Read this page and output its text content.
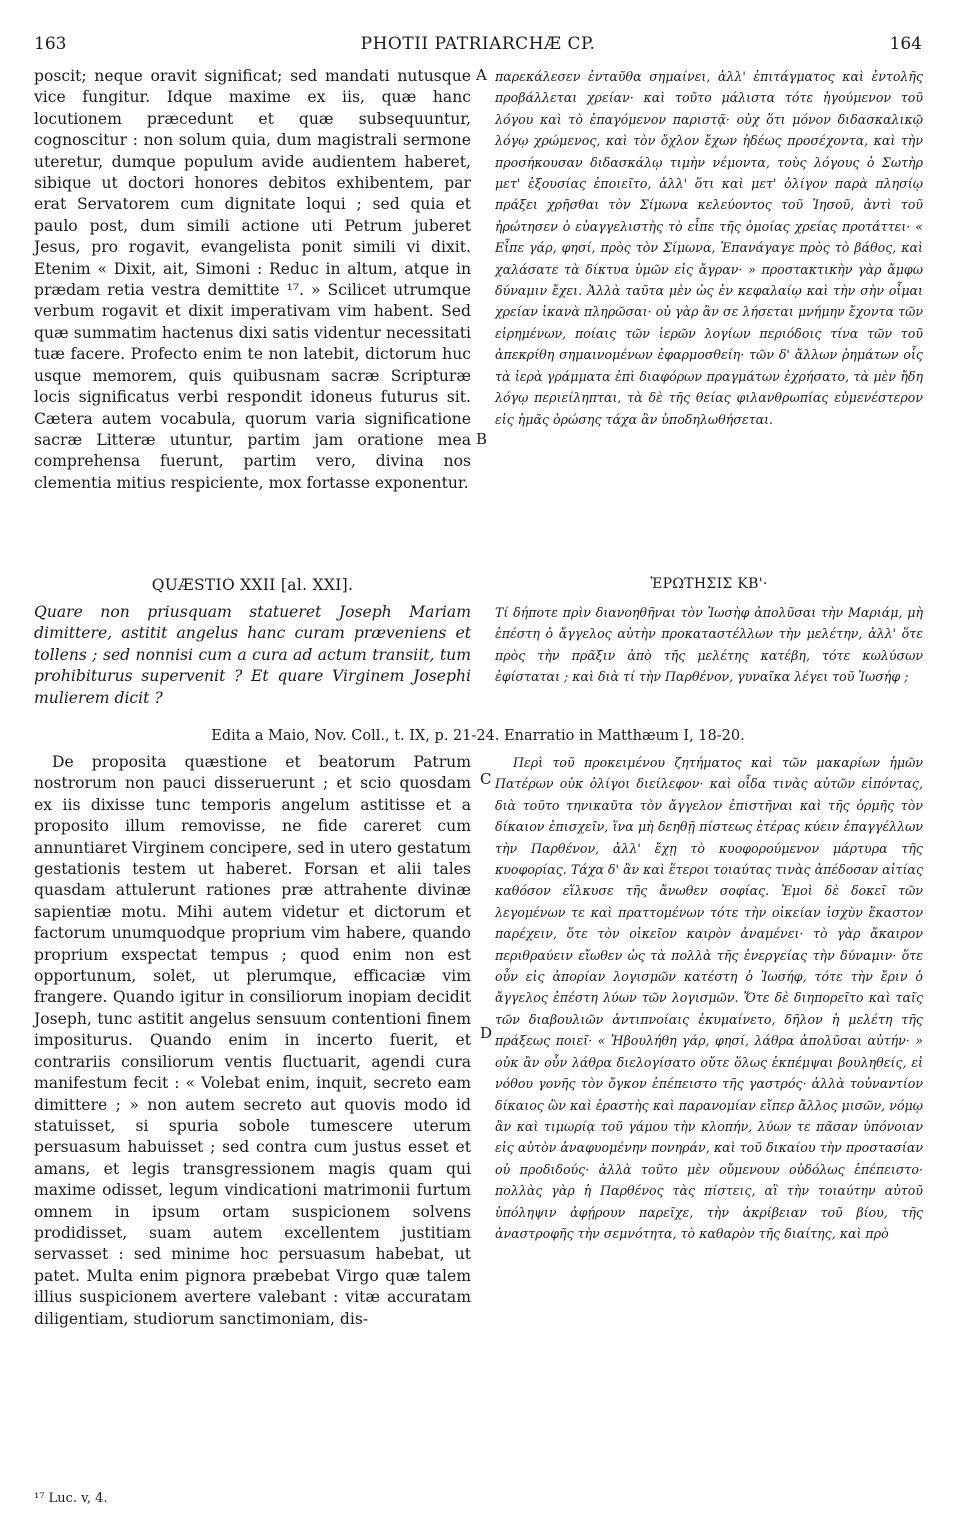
163	PHOTII PATRIARCHÆ CP.	164
A
B
C
D

poscit; neque oravit significat; sed mandati nutusque vice fungitur. Idque maxime ex iis, quæ hanc locutionem præcedunt et quæ subsequuntur, cognoscitur : non solum quia, dum magistrali sermone uteretur, dumque populum avide audientem haberet, sibique ut doctori honores debitos exhibentem, par erat Servatorem cum dignitate loqui ; sed quia et paulo post, dum simili actione uti Petrum juberet Jesus, pro rogavit, evangelista ponit simili vi dixit. Etenim « Dixit, ait, Simoni : Reduc in altum, atque in prædam retia vestra demittite ¹⁷. » Scilicet utrumque verbum rogavit et dixit imperativam vim habent. Sed quæ summatim hactenus dixi satis videntur necessitati tuæ facere. Profecto enim te non latebit, dictorum huc usque memorem, quis quibusnam sacræ Scripturæ locis significatus verbi respondit idoneus futurus sit. Cætera autem vocabula, quorum varia significatione sacræ Litteræ utuntur, partim jam oratione mea comprehensa fuerunt, partim vero, divina nos clementia mitius respiciente, mox fortasse exponentur.

παρεκάλεσεν ἐνταῦθα σημαίνει, ἀλλ' ἐπιτάγματος καὶ ἐντολῆς προβάλλεται χρείαν· καὶ τοῦτο μάλιστα τότε ἡγούμενον τοῦ λόγου καὶ τὸ ἐπαγόμενον παριστᾷ· οὐχ ὅτι μόνον διδασκαλικῷ λόγῳ χρώμενος, καὶ τὸν ὄχλον ἔχων ἡδέως προσέχοντα, καὶ τὴν προσήκουσαν διδασκάλῳ τιμὴν νέμοντα, τοὺς λόγους ὁ Σωτὴρ μετ' ἐξουσίας ἐποιεῖτο, ἀλλ' ὅτι καὶ μετ' ὀλίγον παρὰ πλησίῳ πράξει χρῆσθαι τὸν Σίμωνα κελεύοντος τοῦ Ἰησοῦ, ἀντὶ τοῦ ἠρώτησεν ὁ εὐαγγελιστὴς τὸ εἶπε τῆς ὁμοίας χρείας προτάττει· « Εἶπε γάρ, φησί, πρὸς τὸν Σίμωνα, Ἐπανάγαγε πρὸς τὸ βάθος, καὶ χαλάσατε τὰ δίκτυα ὑμῶν εἰς ἄγραν· » προστακτικὴν γὰρ ἄμφω δύναμιν ἔχει. Ἀλλὰ ταῦτα μὲν ὡς ἐν κεφαλαίῳ καὶ τὴν σὴν οἶμαι χρείαν ἱκανὰ πληρῶσαι· οὐ γὰρ ἂν σε λήσεται μνήμην ἔχοντα τῶν εἰρημένων, ποίαις τῶν ἱερῶν λογίων περιόδοις τίνα τῶν τοῦ ἀπεκρίθη σημαινομένων ἐφαρμοσθείη· τῶν δ' ἄλλων ῥημάτων οἷς τὰ ἱερὰ γράμματα ἐπὶ διαφόρων πραγμάτων ἐχρήσατο, τὰ μὲν ἤδη λόγῳ περιείληπται, τὰ δὲ τῆς θείας φιλανθρωπίας εὐμενέστερον εἰς ἡμᾶς ὁρώσης τάχα ἂν ὑποδηλωθήσεται.

QUÆSTIO XXII [al. XXI].	ἘΡΩΤΗΣΙΣ ΚΒ'·

Quare non priusquam statueret Joseph Mariam dimittere, astitit angelus hanc curam præveniens et tollens ; sed nonnisi cum a cura ad actum transiit, tum prohibiturus supervenit ? Et quare Virginem Josephi mulierem dicit ?

Τί δήποτε πρὶν διανοηθῆναι τὸν Ἰωσὴφ ἀπολῦσαι τὴν Μαριάμ, μὴ ἐπέστη ὁ ἄγγελος αὐτὴν προκαταστέλλων τὴν μελέτην, ἀλλ' ὅτε πρὸς τὴν πρᾶξιν ἀπὸ τῆς μελέτης κατέβη, τότε κωλύσων ἐφίσταται ; καὶ διὰ τί τὴν Παρθένον, γυναῖκα λέγει τοῦ Ἰωσήφ ;

Edita a Maio, Nov. Coll., t. IX, p. 21-24. Enarratio in Matthæum I, 18-20.

De proposita quæstione et beatorum Patrum nostrorum non pauci disseruerunt ; et scio quosdam ex iis dixisse tunc temporis angelum astitisse et a proposito illum removisse, ne fide careret cum annuntiaret Virginem concipere, sed in utero gestatum gestationis testem ut haberet. Forsan et alii tales quasdam attulerunt rationes præ attrahente divinæ sapientiæ motu. Mihi autem videtur et dictorum et factorum unumquodque proprium vim habere, quando proprium exspectat tempus ; quod enim non est opportunum, solet, ut plerumque, efficaciæ vim frangere. Quando igitur in consiliorum inopiam decidit Joseph, tunc astitit angelus sensuum contentioni finem impositurus. Quando enim in incerto fuerit, et contrariis consiliorum ventis fluctuarit, agendi cura manifestum fecit : « Volebat enim, inquit, secreto eam dimittere ; » non autem secreto aut quovis modo id statuisset, si spuria sobole tumescere uterum persuasum habuisset ; sed contra cum justus esset et amans, et legis transgressionem magis quam qui maxime odisset, legum vindicationi matrimonii furtum omnem in ipsum ortam suspicionem solvens prodidisset, suam autem excellentem justitiam servasset : sed minime hoc persuasum habebat, ut patet. Multa enim pignora præbebat Virgo quæ talem illius suspicionem avertere valebant : vitæ accuratam diligentiam, studiorum sanctimoniam, dis-

Περὶ τοῦ προκειμένου ζητήματος καὶ τῶν μακαρίων ἡμῶν Πατέρων οὐκ ὀλίγοι διείλεφον· καὶ οἶδα τινὰς αὐτῶν εἰπόντας, διὰ τοῦτο τηνικαῦτα τὸν ἄγγελον ἐπιστῆναι καὶ τῆς ὁρμῆς τὸν δίκαιον ἐπισχεῖν, ἵνα μὴ δεηθῇ πίστεως ἑτέρας κύειν ἐπαγγέλλων τὴν Παρθένον, ἀλλ' ἔχῃ τὸ κυοφορούμενον μάρτυρα τῆς κυοφορίας. Τάχα δ' ἂν καὶ ἕτεροι τοιαύτας τινὰς ἀπέδοσαν αἰτίας καθόσον εἵλκυσε τῆς ἄνωθεν σοφίας. Ἐμοὶ δὲ δοκεῖ τῶν λεγομένων τε καὶ πραττομένων τότε τὴν οἰκείαν ἰσχὺν ἕκαστον παρέχειν, ὅτε τὸν οἰκεῖον καιρὸν ἀναμένει· τὸ γὰρ ἄκαιρον περιθραύειν εἴωθεν ὡς τὰ πολλὰ τῆς ἐνεργείας τὴν δύναμιν· ὅτε οὖν εἰς ἀπορίαν λογισμῶν κατέστη ὁ Ἰωσήφ, τότε τὴν ἔριν ὁ ἄγγελος ἐπέστη λύων τῶν λογισμῶν. Ὅτε δὲ διηπορεῖτο καὶ ταῖς τῶν διαβουλιῶν ἀντιπνοίαις ἐκυμαίνετο, δῆλον ἡ μελέτη τῆς πράξεως ποιεῖ· « Ἠβουλήθη γάρ, φησί, λάθρα ἀπολῦσαι αὐτήν· » οὐκ ἂν οὖν λάθρα διελογίσατο οὔτε ὅλως ἐκπέμψαι βουληθείς, εἰ νόθου γονῆς τὸν ὄγκον ἐπέπειστο τῆς γαστρός· ἀλλὰ τοὐναντίον δίκαιος ὢν καὶ ἐραστὴς καὶ παρανομίαν εἴπερ ἄλλος μισῶν, νόμῳ ἂν καὶ τιμωρίᾳ τοῦ γάμου τὴν κλοπήν, λύων τε πᾶσαν ὑπόνοιαν εἰς αὐτὸν ἀναφυομένην πονηράν, καὶ τοῦ δικαίου τὴν προστασίαν οὐ προδιδούς· ἀλλὰ τοῦτο μὲν οὔμενουν οὐδόλως ἐπέπειστο· πολλὰς γὰρ ἡ Παρθένος τὰς πίστεις, αἳ τὴν τοιαύτην αὐτοῦ ὑπόληψιν ἀφῄρουν παρεῖχε, τὴν ἀκρίβειαν τοῦ βίου, τῆς ἀναστροφῆς τὴν σεμνότητα, τὸ καθαρὸν τῆς διαίτης, καὶ πρὸ

¹⁷ Luc. v, 4.
